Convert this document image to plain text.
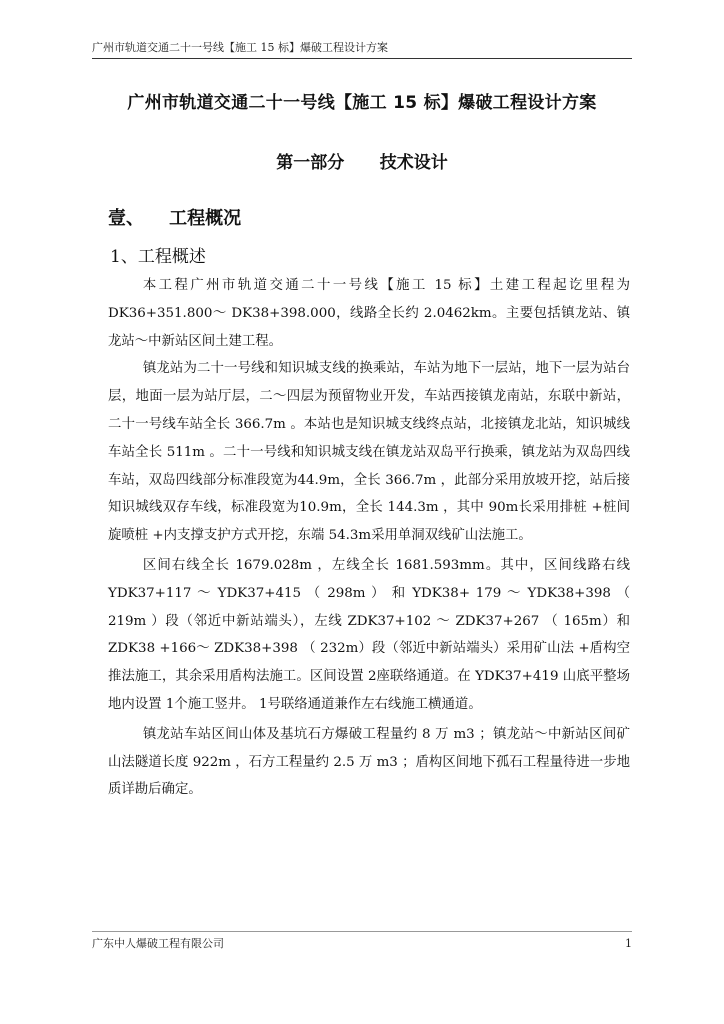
广州市轨道交通二十一号线【施工 15 标】爆破工程设计方案
广州市轨道交通二十一号线【施工 15 标】爆破工程设计方案
第一部分      技术设计
壹、    工程概况
1、工程概述

本工程广州市轨道交通二十一号线【施工 15 标】土建工程起讫里程为DK36+351.800～ DK38+398.000，线路全长约 2.0462km。主要包括镇龙站、镇龙站～中新站区间土建工程。

镇龙站为二十一号线和知识城支线的换乘站，车站为地下一层站，地下一层为站台层，地面一层为站厅层，二～四层为预留物业开发，车站西接镇龙南站，东联中新站，二十一号线车站全长 366.7m 。本站也是知识城支线终点站，北接镇龙北站，知识城线车站全长 511m 。二十一号线和知识城支线在镇龙站双岛平行换乘，镇龙站为双岛四线车站，双岛四线部分标准段宽为44.9m，全长 366.7m ，此部分采用放坡开挖，站后接知识城线双存车线，标准段宽为10.9m，全长 144.3m ，其中 90m长采用排桩 +桩间旋喷桩 +内支撑支护方式开挖，东端 54.3m采用单洞双线矿山法施工。

区间右线全长 1679.028m ，左线全长 1681.593mm。其中，区间线路右线 YDK37+117 ～ YDK37+415 （ 298m ） 和 YDK38+ 179 ～ YDK38+398 （ 219m ）段（邻近中新站端头），左线 ZDK37+102 ～ ZDK37+267 （ 165m）和 ZDK38 +166～ ZDK38+398 （ 232m）段（邻近中新站端头）采用矿山法 +盾构空推法施工，其余采用盾构法施工。区间设置 2座联络通道。在 YDK37+419 山底平整场地内设置 1个施工竖井。 1号联络通道兼作左右线施工横通道。

镇龙站车站区间山体及基坑石方爆破工程量约 8 万 m3 ；镇龙站～中新站区间矿山法隧道长度 922m ，石方工程量约 2.5 万 m3 ；盾构区间地下孤石工程量待进一步地质详勘后确定。

广东中人爆破工程有限公司	1
